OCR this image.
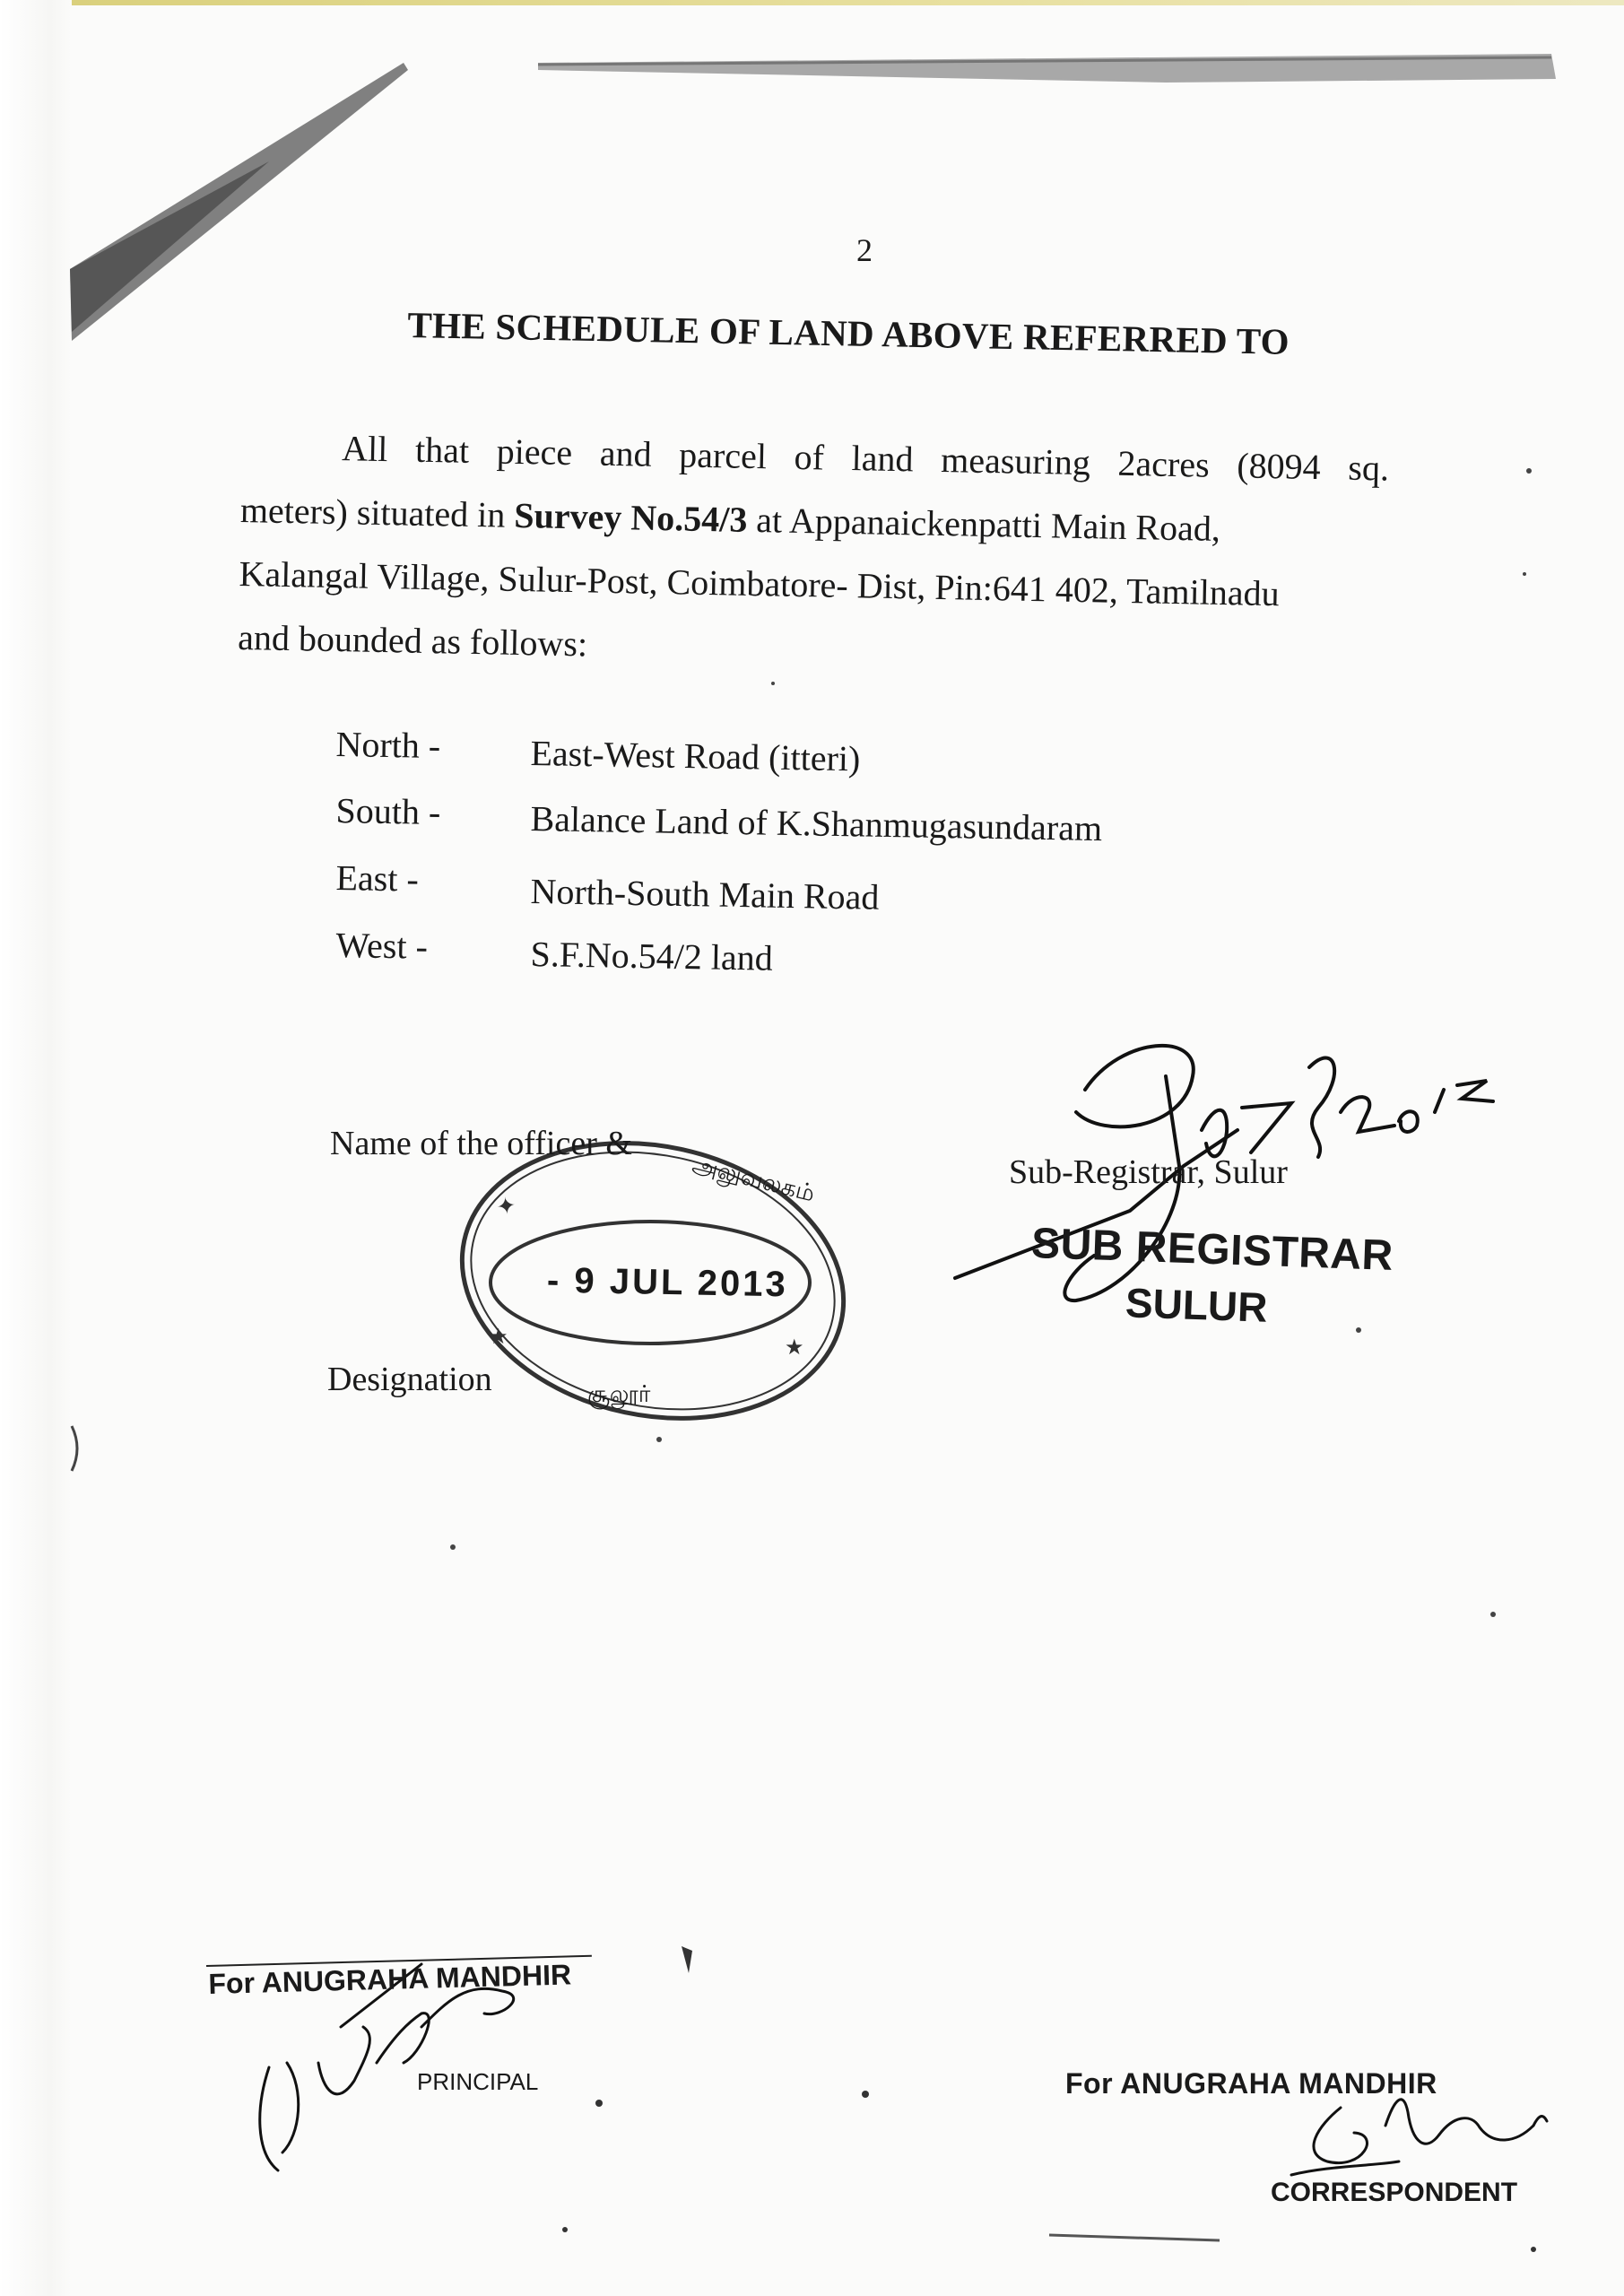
✦
★	★
2
THE SCHEDULE OF LAND ABOVE REFERRED TO
All that piece and parcel of land measuring 2acres (8094 sq.
meters) situated in Survey No.54/3 at Appanaickenpatti Main Road,
Kalangal Village, Sulur-Post, Coimbatore- Dist, Pin:641 402, Tamilnadu
and bounded as follows:
North - East-West Road (itteri)
South - Balance Land of K.Shanmugasundaram
East -	North-South Main Road
West -	S.F.No.54/2 land
Name of the officer &
Designation
- 9 JUL 2013
அலுவலகம்
சூலூர்
Sub-Registrar, Sulur
SUB REGISTRAR
SULUR
For ANUGRAHA MANDHIR
PRINCIPAL	For ANUGRAHA MANDHIR
CORRESPONDENT
